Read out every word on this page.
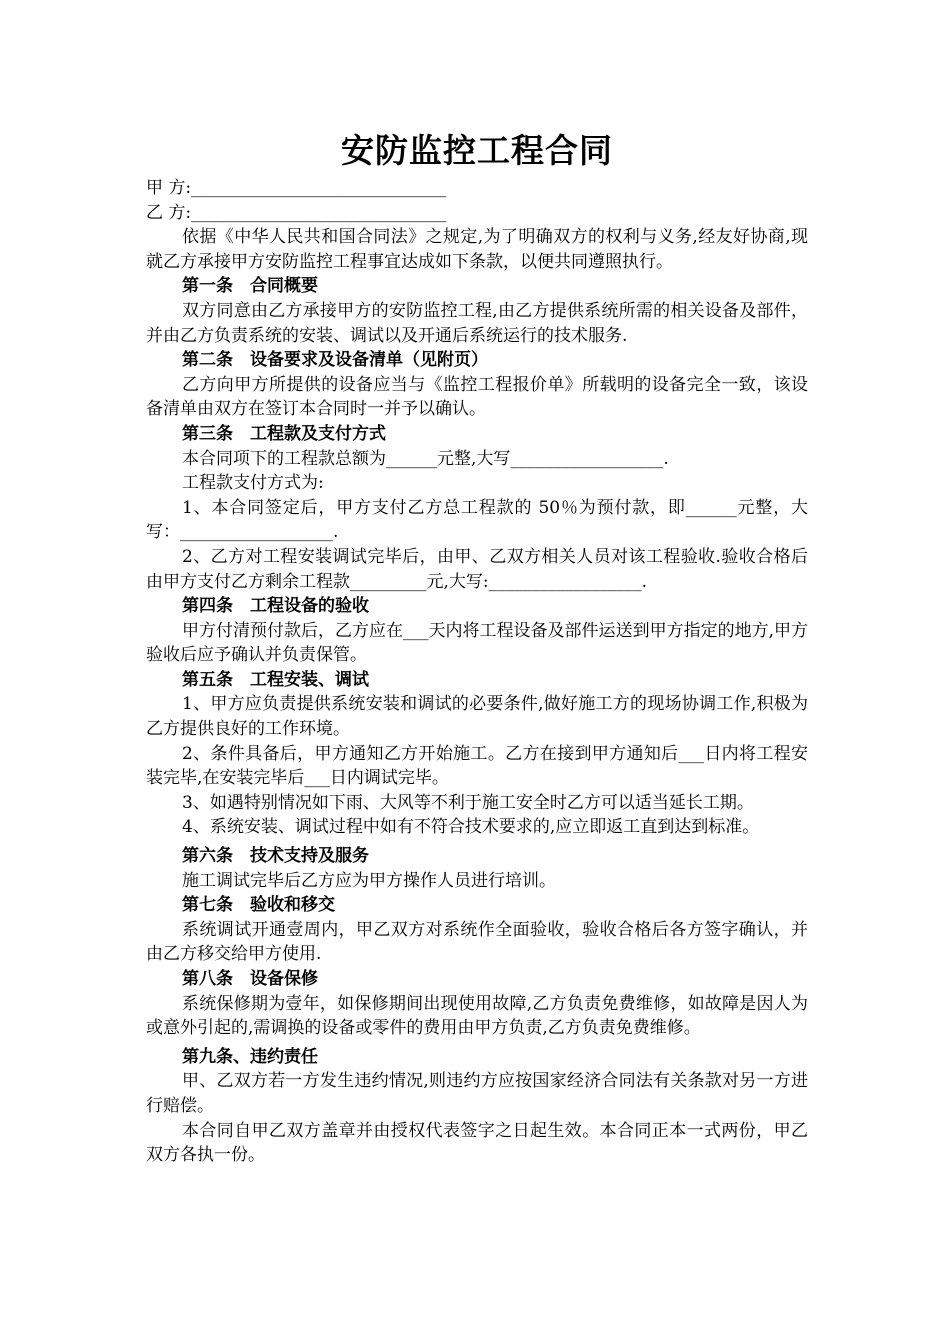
安防监控工程合同

甲 方:______________________________

乙 方:______________________________

依据《中华人民共和国合同法》之规定,为了明确双方的权利与义务,经友好协商,现就乙方承接甲方安防监控工程事宜达成如下条款，以便共同遵照执行。

第一条　合同概要

双方同意由乙方承接甲方的安防监控工程,由乙方提供系统所需的相关设备及部件，并由乙方负责系统的安装、调试以及开通后系统运行的技术服务.

第二条　设备要求及设备清单（见附页）

乙方向甲方所提供的设备应当与《监控工程报价单》所载明的设备完全一致，该设备清单由双方在签订本合同时一并予以确认。

第三条　工程款及支付方式

本合同项下的工程款总额为______元整,大写__________________.

工程款支付方式为:

1、本合同签定后，甲方支付乙方总工程款的 50％为预付款，即______元整，大写：__________________.

2、乙方对工程安装调试完毕后，由甲、乙双方相关人员对该工程验收.验收合格后由甲方支付乙方剩余工程款_________元,大写:__________________.

第四条　工程设备的验收

甲方付清预付款后，乙方应在___天内将工程设备及部件运送到甲方指定的地方,甲方验收后应予确认并负责保管。

第五条　工程安装、调试

1、甲方应负责提供系统安装和调试的必要条件,做好施工方的现场协调工作,积极为乙方提供良好的工作环境。

2、条件具备后，甲方通知乙方开始施工。乙方在接到甲方通知后___日内将工程安装完毕,在安装完毕后___日内调试完毕。

3、如遇特别情况如下雨、大风等不利于施工安全时乙方可以适当延长工期。

4、系统安装、调试过程中如有不符合技术要求的,应立即返工直到达到标准。

第六条　技术支持及服务

施工调试完毕后乙方应为甲方操作人员进行培训。

第七条　验收和移交

系统调试开通壹周内，甲乙双方对系统作全面验收，验收合格后各方签字确认，并由乙方移交给甲方使用.

第八条　设备保修

系统保修期为壹年，如保修期间出现使用故障,乙方负责免费维修，如故障是因人为或意外引起的,需调换的设备或零件的费用由甲方负责,乙方负责免费维修。

第九条、违约责任

甲、乙双方若一方发生违约情况,则违约方应按国家经济合同法有关条款对另一方进行赔偿。

本合同自甲乙双方盖章并由授权代表签字之日起生效。本合同正本一式两份，甲乙双方各执一份。
